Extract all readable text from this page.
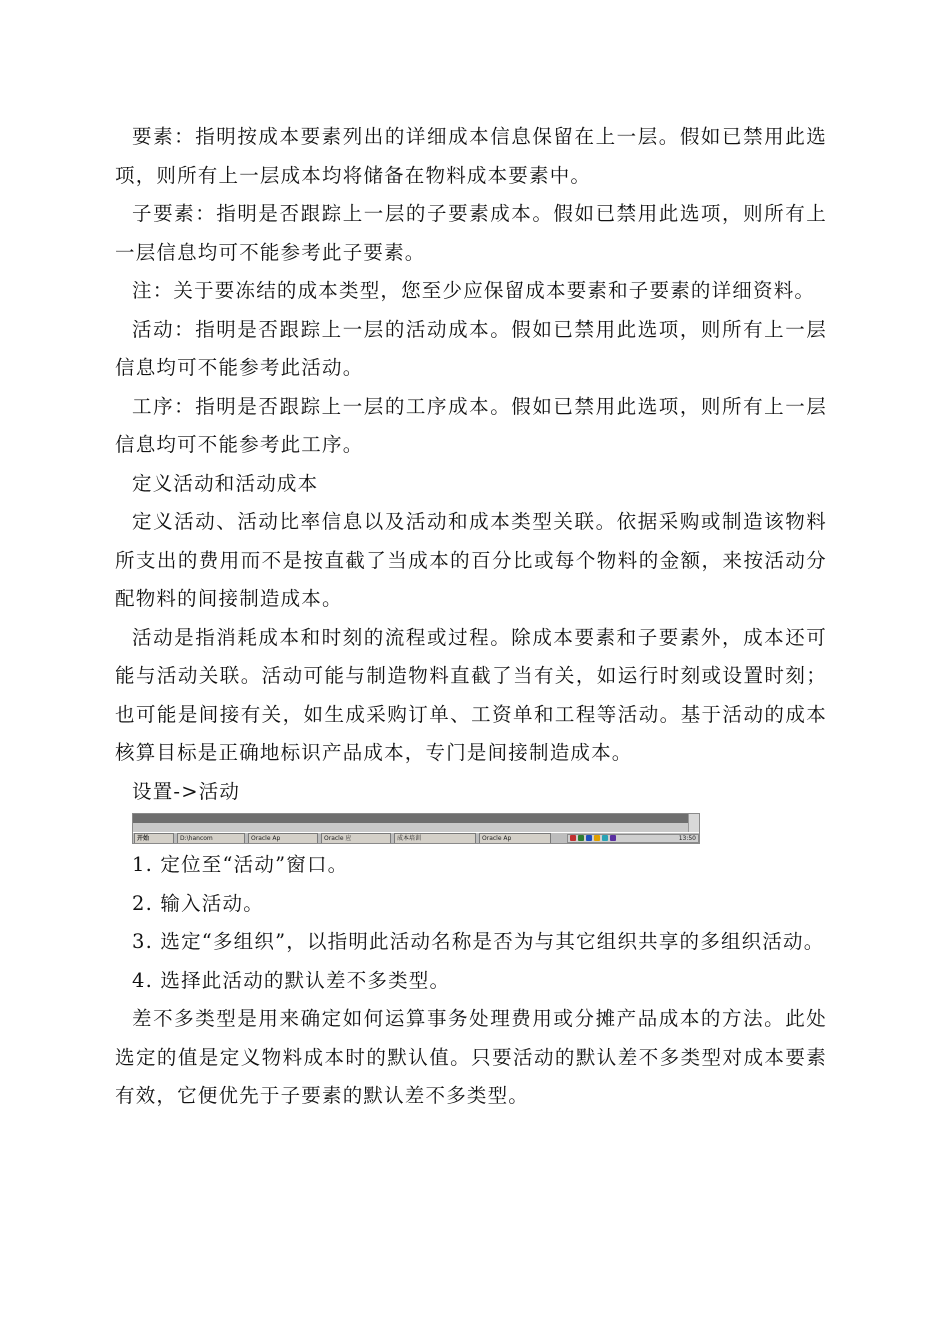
要素：指明按成本要素列出的详细成本信息保留在上一层。假如已禁用此选项，则所有上一层成本均将储备在物料成本要素中。

子要素：指明是否跟踪上一层的子要素成本。假如已禁用此选项，则所有上一层信息均可不能参考此子要素。

注：关于要冻结的成本类型，您至少应保留成本要素和子要素的详细资料。

活动：指明是否跟踪上一层的活动成本。假如已禁用此选项，则所有上一层信息均可不能参考此活动。

工序：指明是否跟踪上一层的工序成本。假如已禁用此选项，则所有上一层信息均可不能参考此工序。

定义活动和活动成本

定义活动、活动比率信息以及活动和成本类型关联。依据采购或制造该物料所支出的费用而不是按直截了当成本的百分比或每个物料的金额，来按活动分配物料的间接制造成本。

活动是指消耗成本和时刻的流程或过程。除成本要素和子要素外，成本还可能与活动关联。活动可能与制造物料直截了当有关，如运行时刻或设置时刻；也可能是间接有关，如生成采购订单、工资单和工程等活动。基于活动的成本核算目标是正确地标识产品成本，专门是间接制造成本。

设置->活动

开始	D:\hancom	Oracle Ap	Oracle 应	成本培训	Oracle Ap	13:50

1. 定位至“活动”窗口。

2. 输入活动。

3. 选定“多组织”，以指明此活动名称是否为与其它组织共享的多组织活动。

4. 选择此活动的默认差不多类型。

差不多类型是用来确定如何运算事务处理费用或分摊产品成本的方法。此处选定的值是定义物料成本时的默认值。只要活动的默认差不多类型对成本要素有效，它便优先于子要素的默认差不多类型。
